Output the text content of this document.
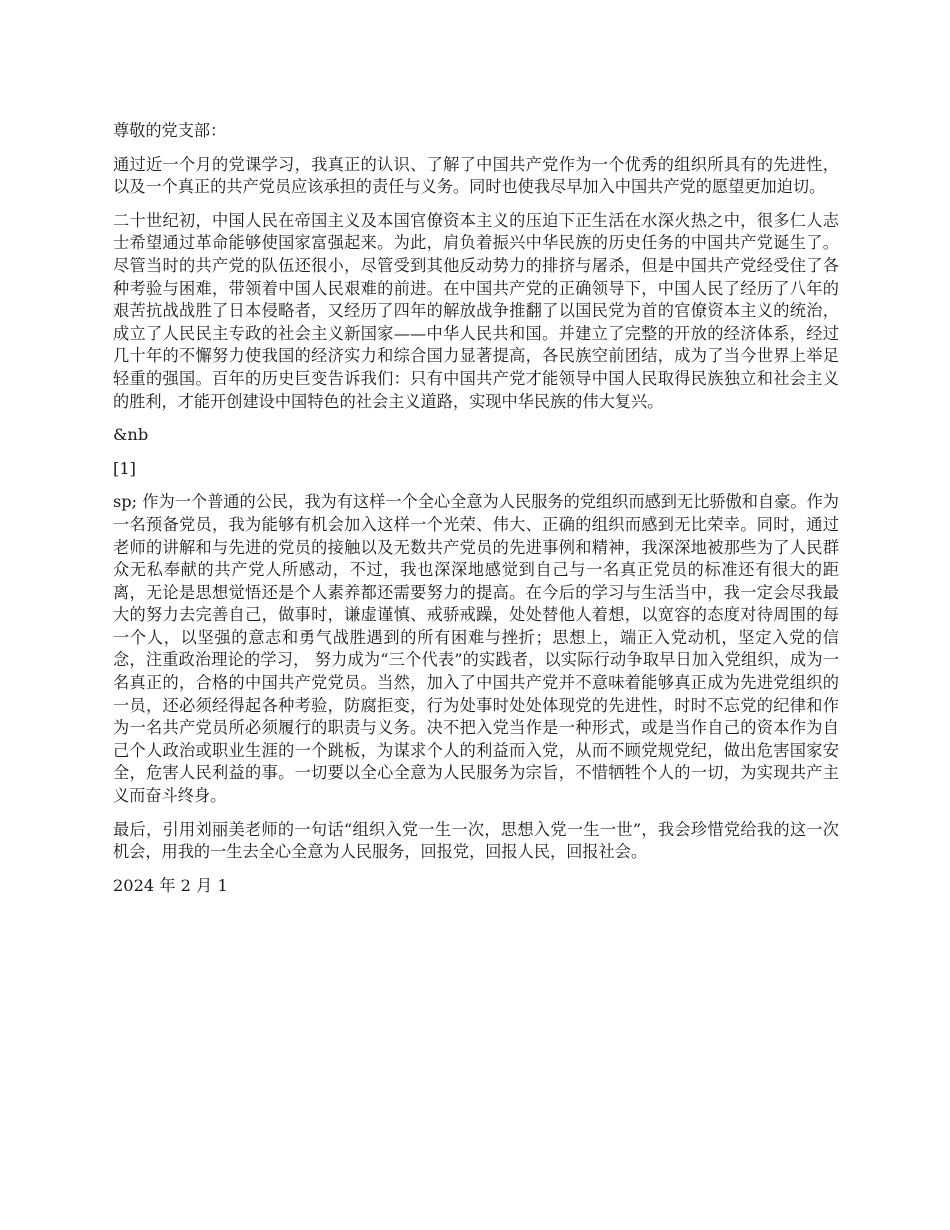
尊敬的党支部：

通过近一个月的党课学习，我真正的认识、了解了中国共产党作为一个优秀的组织所具有的先进性，以及一个真正的共产党员应该承担的责任与义务。同时也使我尽早加入中国共产党的愿望更加迫切。

二十世纪初，中国人民在帝国主义及本国官僚资本主义的压迫下正生活在水深火热之中，很多仁人志士希望通过革命能够使国家富强起来。为此，肩负着振兴中华民族的历史任务的中国共产党诞生了。尽管当时的共产党的队伍还很小，尽管受到其他反动势力的排挤与屠杀，但是中国共产党经受住了各种考验与困难，带领着中国人民艰难的前进。在中国共产党的正确领导下，中国人民了经历了八年的艰苦抗战战胜了日本侵略者，又经历了四年的解放战争推翻了以国民党为首的官僚资本主义的统治，成立了人民民主专政的社会主义新国家——中华人民共和国。并建立了完整的开放的经济体系，经过几十年的不懈努力使我国的经济实力和综合国力显著提高，各民族空前团结，成为了当今世界上举足轻重的强国。百年的历史巨变告诉我们：只有中国共产党才能领导中国人民取得民族独立和社会主义的胜利，才能开创建设中国特色的社会主义道路，实现中华民族的伟大复兴。

&nb

[1]

sp; 作为一个普通的公民，我为有这样一个全心全意为人民服务的党组织而感到无比骄傲和自豪。作为一名预备党员，我为能够有机会加入这样一个光荣、伟大、正确的组织而感到无比荣幸。同时，通过老师的讲解和与先进的党员的接触以及无数共产党员的先进事例和精神，我深深地被那些为了人民群众无私奉献的共产党人所感动，不过，我也深深地感觉到自己与一名真正党员的标准还有很大的距离，无论是思想觉悟还是个人素养都还需要努力的提高。在今后的学习与生活当中，我一定会尽我最大的努力去完善自己，做事时，谦虚谨慎、戒骄戒躁，处处替他人着想，以宽容的态度对待周围的每一个人，以坚强的意志和勇气战胜遇到的所有困难与挫折；思想上，端正入党动机，坚定入党的信念，注重政治理论的学习， 努力成为“三个代表”的实践者，以实际行动争取早日加入党组织，成为一名真正的，合格的中国共产党党员。当然，加入了中国共产党并不意味着能够真正成为先进党组织的一员，还必须经得起各种考验，防腐拒变，行为处事时处处体现党的先进性，时时不忘党的纪律和作为一名共产党员所必须履行的职责与义务。决不把入党当作是一种形式，或是当作自己的资本作为自己个人政治或职业生涯的一个跳板，为谋求个人的利益而入党，从而不顾党规党纪，做出危害国家安全，危害人民利益的事。一切要以全心全意为人民服务为宗旨，不惜牺牲个人的一切，为实现共产主义而奋斗终身。

最后，引用刘丽美老师的一句话“组织入党一生一次，思想入党一生一世”，我会珍惜党给我的这一次机会，用我的一生去全心全意为人民服务，回报党，回报人民，回报社会。

2024 年 2 月 1
